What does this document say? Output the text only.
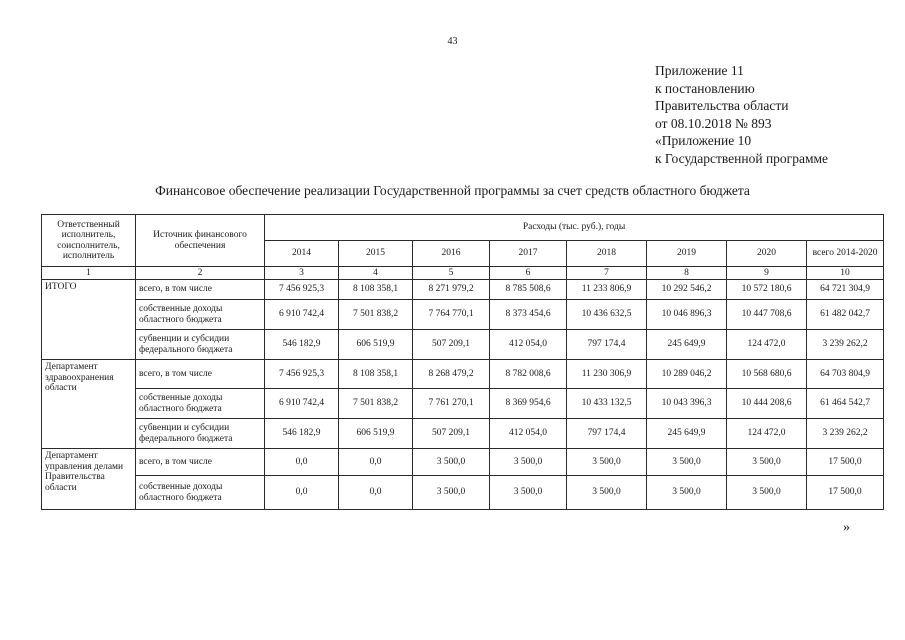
43
Приложение 11
к постановлению
Правительства области
от 08.10.2018 № 893
«Приложение 10
к Государственной программе
Финансовое обеспечение реализации Государственной программы за счет средств областного бюджета
Ответственный исполнитель, соисполнитель, исполнитель	Источник финансового обеспечения	Расходы (тыс. руб.), годы							
		2014	2015	2016	2017	2018	2019	2020	всего 2014-2020
1	2	3	4	5	6	7	8	9	10
ИТОГО	всего, в том числе	7 456 925,3	8 108 358,1	8 271 979,2	8 785 508,6	11 233 806,9	10 292 546,2	10 572 180,6	64 721 304,9
	собственные доходы областного бюджета	6 910 742,4	7 501 838,2	7 764 770,1	8 373 454,6	10 436 632,5	10 046 896,3	10 447 708,6	61 482 042,7
	субвенции и субсидии федерального бюджета	546 182,9	606 519,9	507 209,1	412 054,0	797 174,4	245 649,9	124 472,0	3 239 262,2
Департамент здравоохранения области	всего, в том числе	7 456 925,3	8 108 358,1	8 268 479,2	8 782 008,6	11 230 306,9	10 289 046,2	10 568 680,6	64 703 804,9
	собственные доходы областного бюджета	6 910 742,4	7 501 838,2	7 761 270,1	8 369 954,6	10 433 132,5	10 043 396,3	10 444 208,6	61 464 542,7
	субвенции и субсидии федерального бюджета	546 182,9	606 519,9	507 209,1	412 054,0	797 174,4	245 649,9	124 472,0	3 239 262,2
Департамент управления делами Правительства области	всего, в том числе	0,0	0,0	3 500,0	3 500,0	3 500,0	3 500,0	3 500,0	17 500,0
	собственные доходы областного бюджета	0,0	0,0	3 500,0	3 500,0	3 500,0	3 500,0	3 500,0	17 500,0
»
